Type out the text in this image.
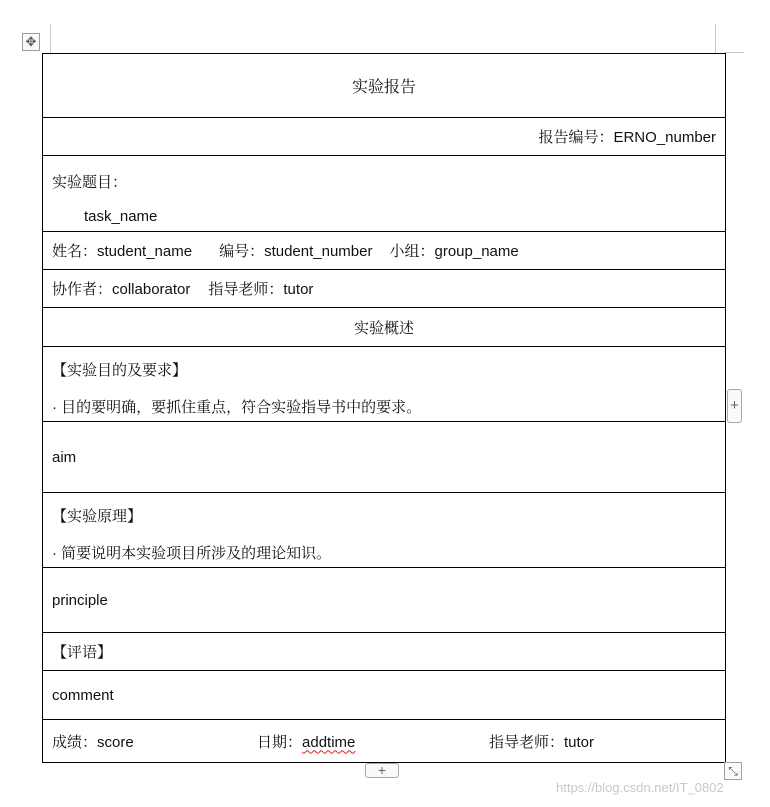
✥
实验报告
报告编号：ERNO_number

实验题目：
task_name

姓名：student_name 编号：student_number 小组：group_name
协作者：collaborator 指导老师：tutor
实验概述

【实验目的及要求】
· 目的要明确，要抓住重点，符合实验指导书中的要求。

aim

【实验原理】
· 简要说明本实验项目所涉及的理论知识。

principle
【评语】
comment
成绩：score	日期：addtime	指导老师：tutor
+
+	⤡
https://blog.csdn.net/IT_0802
